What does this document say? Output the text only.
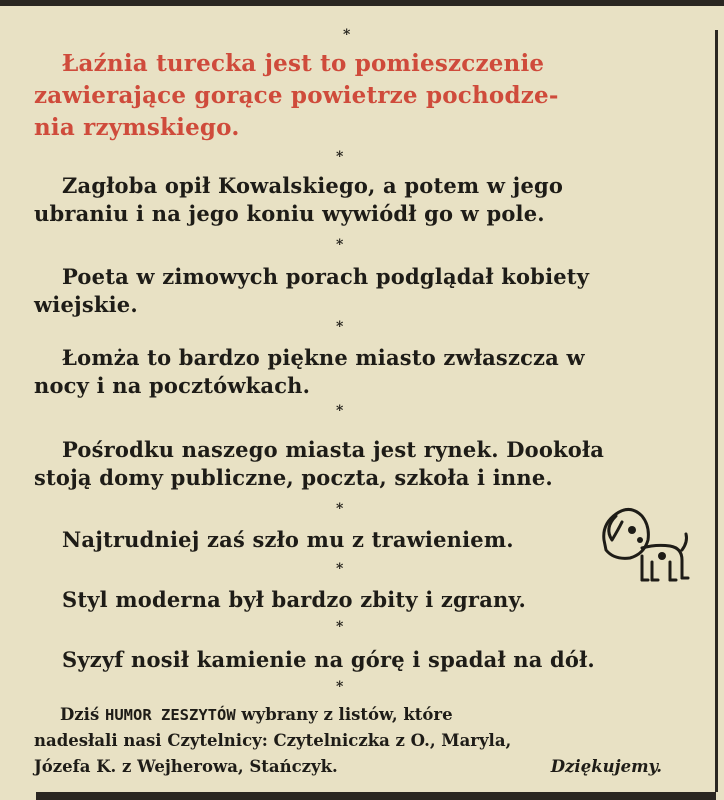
*
Łaźnia turecka jest to pomieszczenie
zawierające gorące powietrze pochodze-
nia rzymskiego.
*
Zagłoba opił Kowalskiego, a potem w jego
ubraniu i na jego koniu wywiódł go w pole.
*
Poeta w zimowych porach podglądał kobiety
wiejskie.
*
Łomża to bardzo piękne miasto zwłaszcza w
nocy i na pocztówkach.
*
Pośrodku naszego miasta jest rynek. Dookoła
stoją domy publiczne, poczta, szkoła i inne.
*
Najtrudniej zaś szło mu z trawieniem.
*
Styl moderna był bardzo zbity i zgrany.
*
Syzyf nosił kamienie na górę i spadał na dół.
*
Dziś HUMOR ZESZYTÓW wybrany z listów, które
nadesłali nasi Czytelnicy: Czytelniczka z O., Maryla,
Józefa K. z Wejherowa, Stańczyk.	Dziękujemy.
